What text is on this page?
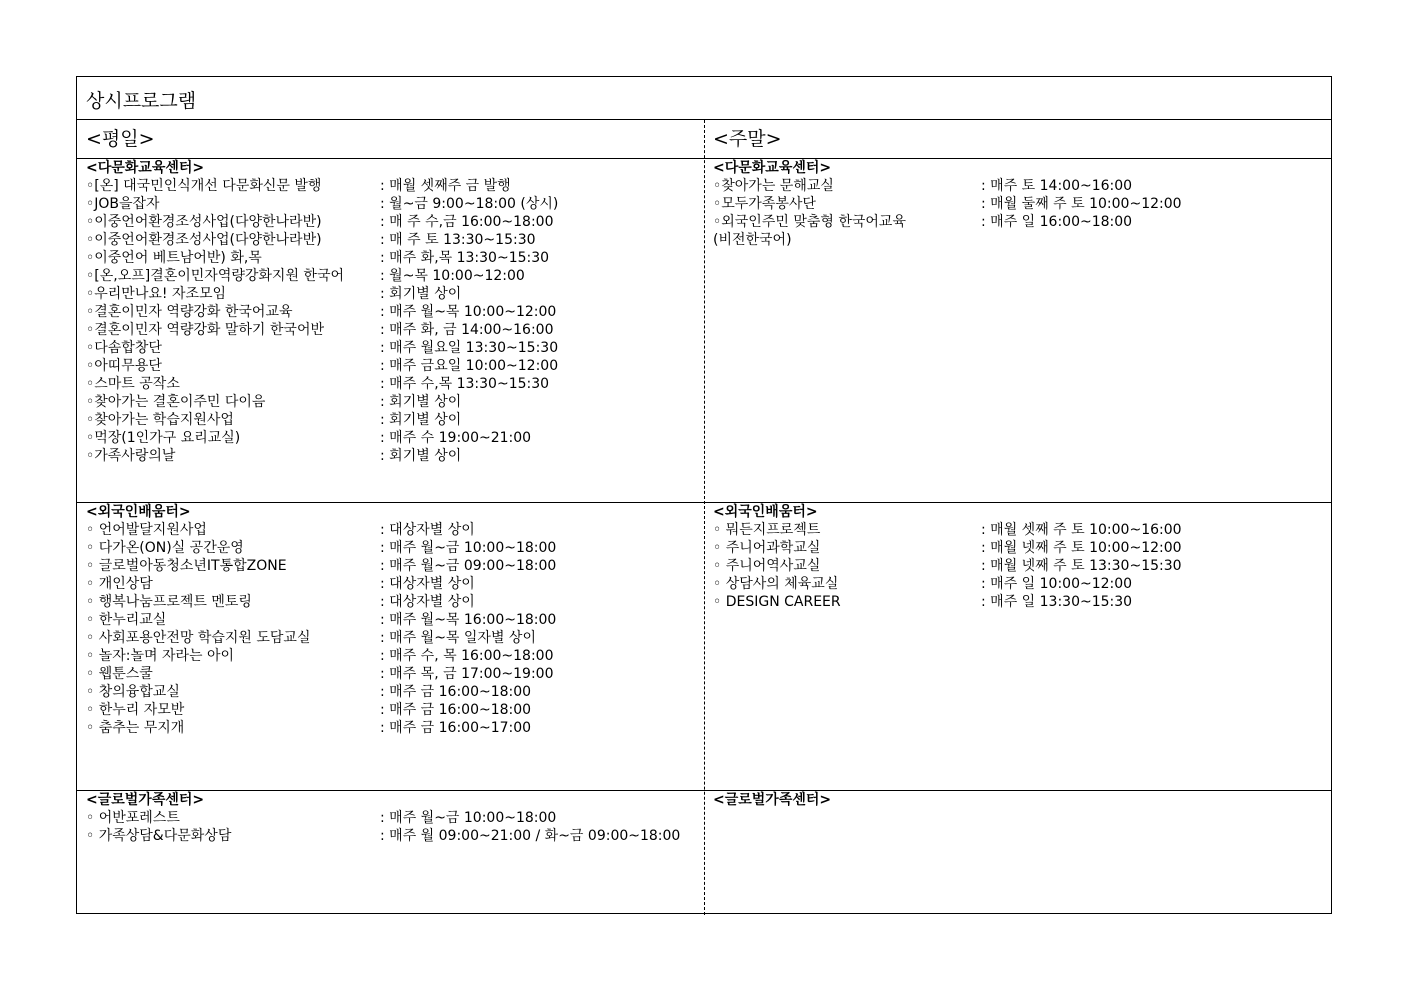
상시프로그램
<평일>	<주말>
<다문화교육센터>
◦[온] 대국민인식개선 다문화신문 발행	: 매월 셋째주 금 발행
◦JOB을잡자	: 월~금 9:00~18:00 (상시)
◦이중언어환경조성사업(다양한나라반)	: 매 주 수,금 16:00~18:00
◦이중언어환경조성사업(다양한나라반)	: 매 주 토 13:30~15:30
◦이중언어 베트남어반) 화,목	: 매주 화,목 13:30~15:30
◦[온,오프]결혼이민자역량강화지원 한국어	: 월~목 10:00~12:00
◦우리만나요! 자조모임	: 회기별 상이
◦결혼이민자 역량강화 한국어교육	: 매주 월~목 10:00~12:00
◦결혼이민자 역량강화 말하기 한국어반	: 매주 화, 금 14:00~16:00
◦다솜합창단	: 매주 월요일 13:30~15:30
◦아띠무용단	: 매주 금요일 10:00~12:00
◦스마트 공작소	: 매주 수,목 13:30~15:30
◦찾아가는 결혼이주민 다이음	: 회기별 상이
◦찾아가는 학습지원사업	: 회기별 상이
◦먹장(1인가구 요리교실)	: 매주 수 19:00~21:00
◦가족사랑의날	: 회기별 상이
<다문화교육센터>
◦찾아가는 문해교실	: 매주 토 14:00~16:00
◦모두가족봉사단	: 매월 둘째 주 토 10:00~12:00
◦외국인주민 맞춤형 한국어교육	: 매주 일 16:00~18:00
(비전한국어)
<외국인배움터>
◦ 언어발달지원사업	: 대상자별 상이
◦ 다가온(ON)실 공간운영	: 매주 월~금 10:00~18:00
◦ 글로벌아동청소년IT통합ZONE	: 매주 월~금 09:00~18:00
◦ 개인상담	: 대상자별 상이
◦ 행복나눔프로젝트 멘토링	: 대상자별 상이
◦ 한누리교실	: 매주 월~목 16:00~18:00
◦ 사회포용안전망 학습지원 도담교실	: 매주 월~목 일자별 상이
◦ 놀자:놀며 자라는 아이	: 매주 수, 목 16:00~18:00
◦ 웹툰스쿨	: 매주 목, 금 17:00~19:00
◦ 창의융합교실	: 매주 금 16:00~18:00
◦ 한누리 자모반	: 매주 금 16:00~18:00
◦ 춤추는 무지개	: 매주 금 16:00~17:00
<외국인배움터>
◦ 뭐든지프로젝트	: 매월 셋째 주 토 10:00~16:00
◦ 주니어과학교실	: 매월 넷째 주 토 10:00~12:00
◦ 주니어역사교실	: 매월 넷째 주 토 13:30~15:30
◦ 상담사의 체육교실	: 매주 일 10:00~12:00
◦ DESIGN CAREER	: 매주 일 13:30~15:30
<글로벌가족센터>
◦ 어반포레스트	: 매주 월~금 10:00~18:00
◦ 가족상담&다문화상담	: 매주 월 09:00~21:00 / 화~금 09:00~18:00
<글로벌가족센터>
